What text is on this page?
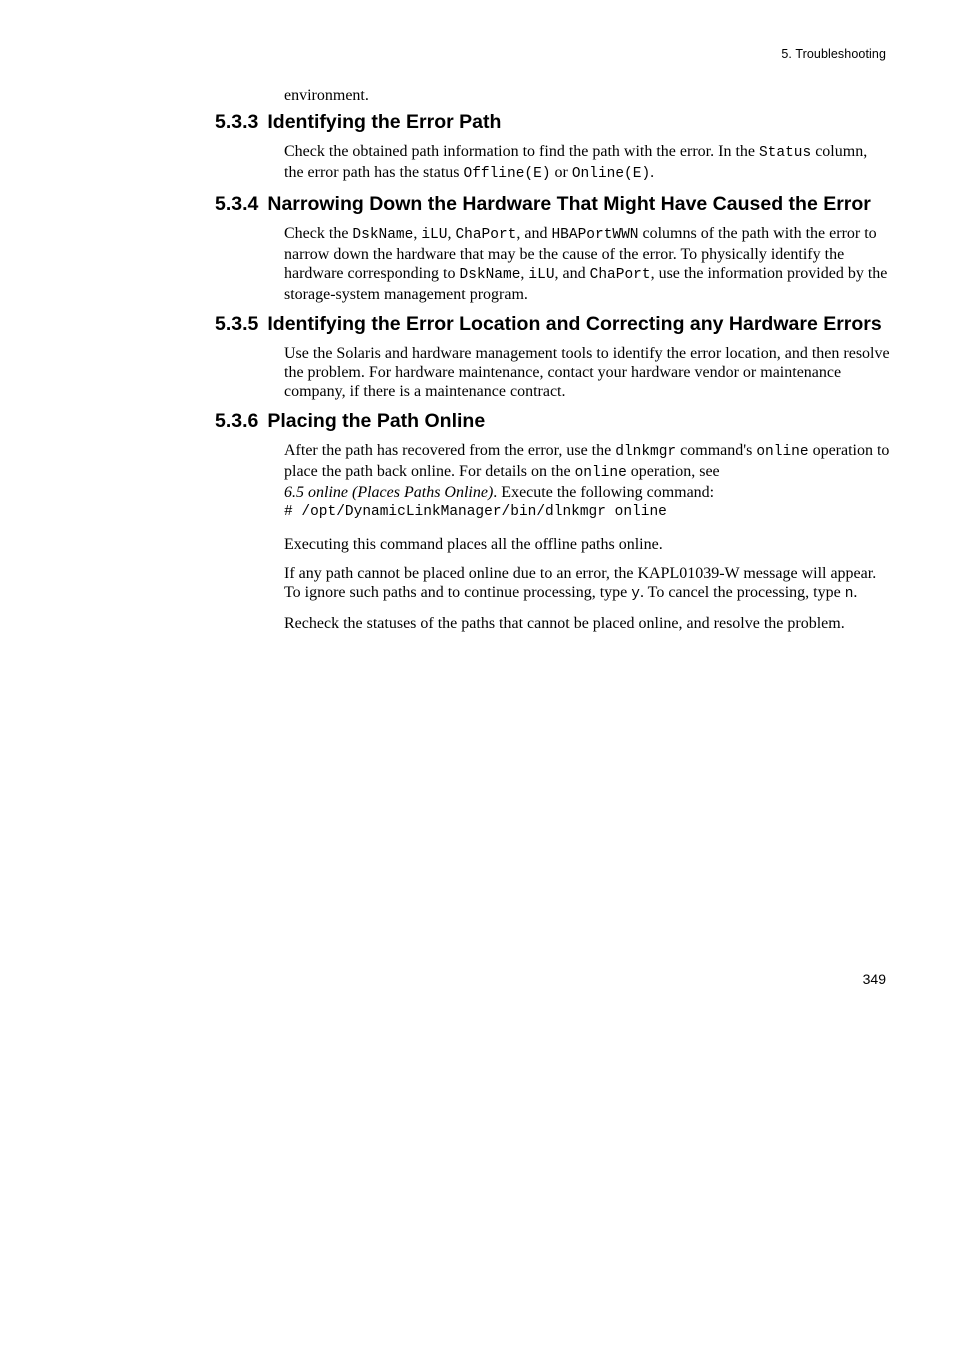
5. Troubleshooting

environment.

5.3.3 Identifying the Error Path

Check the obtained path information to find the path with the error. In the Status column, the error path has the status Offline(E) or Online(E).

5.3.4 Narrowing Down the Hardware That Might Have Caused the Error

Check the DskName, iLU, ChaPort, and HBAPortWWN columns of the path with the error to narrow down the hardware that may be the cause of the error. To physically identify the hardware corresponding to DskName, iLU, and ChaPort, use the information provided by the storage-system management program.

5.3.5 Identifying the Error Location and Correcting any Hardware Errors

Use the Solaris and hardware management tools to identify the error location, and then resolve the problem. For hardware maintenance, contact your hardware vendor or maintenance company, if there is a maintenance contract.

5.3.6 Placing the Path Online

After the path has recovered from the error, use the dlnkmgr command's online operation to place the path back online. For details on the online operation, see
6.5 online (Places Paths Online). Execute the following command:

# /opt/DynamicLinkManager/bin/dlnkmgr online

Executing this command places all the offline paths online.

If any path cannot be placed online due to an error, the KAPL01039-W message will appear. To ignore such paths and to continue processing, type y. To cancel the processing, type n.

Recheck the statuses of the paths that cannot be placed online, and resolve the problem.

349
